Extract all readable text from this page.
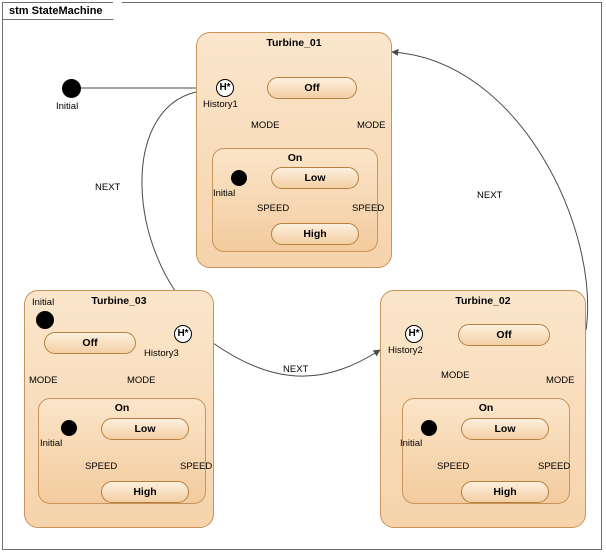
stm StateMachine
Turbine_01
Off
On
Low
High
H*
History1
Initial
MODE	MODE
SPEED	SPEED
Turbine_02
Off
On
Low
High
H*
History2
Initial
MODE	MODE
SPEED	SPEED
Turbine_03
Off
On
Low
High
H*
History3
Initial
Initial
MODE	MODE
SPEED	SPEED
Initial
NEXT
NEXT
NEXT
